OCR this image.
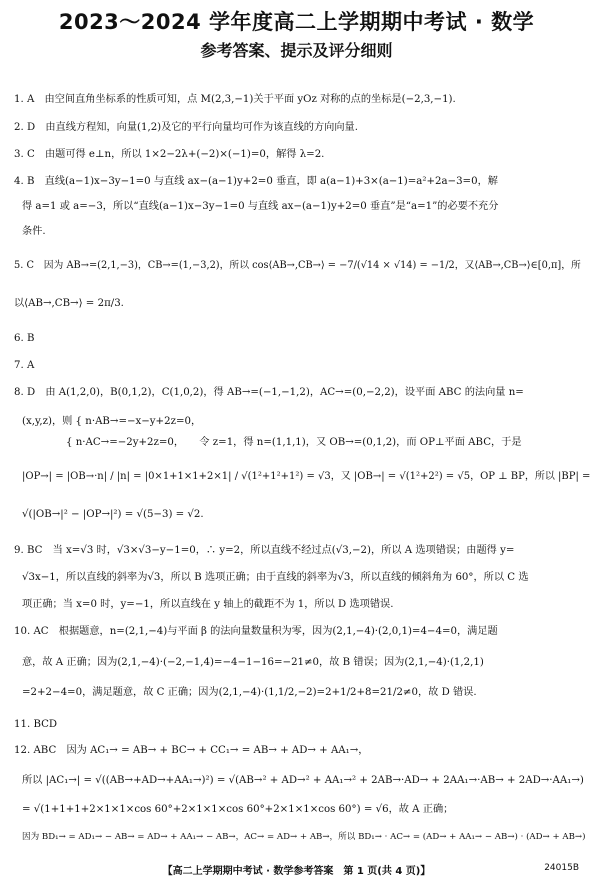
2023～2024 学年度高二上学期期中考试 · 数学
参考答案、提示及评分细则
1. A　由空间直角坐标系的性质可知，点 M(2,3,−1)关于平面 yOz 对称的点的坐标是(−2,3,−1).
2. D　由直线方程知，向量(1,2)及它的平行向量均可作为该直线的方向向量.
3. C　由题可得 e⊥n，所以 1×2−2λ+(−2)×(−1)=0，解得 λ=2.
4. B　直线(a−1)x−3y−1=0 与直线 ax−(a−1)y+2=0 垂直，即 a(a−1)+3×(a−1)=a²+2a−3=0，解
得 a=1 或 a=−3，所以“直线(a−1)x−3y−1=0 与直线 ax−(a−1)y+2=0 垂直”是“a=1”的必要不充分
条件.
5. C　因为 AB→=(2,1,−3)，CB→=(1,−3,2)，所以 cos⟨AB→,CB→⟩ = −7/(√14 × √14) = −1/2，又⟨AB→,CB→⟩∈[0,π]，所
以⟨AB→,CB→⟩ = 2π/3.
6. B
7. A
8. D　由 A(1,2,0)，B(0,1,2)，C(1,0,2)，得 AB→=(−1,−1,2)，AC→=(0,−2,2)，设平面 ABC 的法向量 n=
(x,y,z)，则 { n·AB→=−x−y+2z=0，
　　　　 { n·AC→=−2y+2z=0，　　令 z=1，得 n=(1,1,1)，又 OB→=(0,1,2)，而 OP⊥平面 ABC，于是
|OP→| = |OB→·n| / |n| = |0×1+1×1+2×1| / √(1²+1²+1²) = √3，又 |OB→| = √(1²+2²) = √5，OP ⊥ BP，所以 |BP| =
√(|OB→|² − |OP→|²) = √(5−3) = √2.
9. BC　当 x=√3 时，√3×√3−y−1=0，∴ y=2，所以直线不经过点(√3,−2)，所以 A 选项错误；由题得 y=
√3x−1，所以直线的斜率为√3，所以 B 选项正确；由于直线的斜率为√3，所以直线的倾斜角为 60°，所以 C 选
项正确；当 x=0 时，y=−1，所以直线在 y 轴上的截距不为 1，所以 D 选项错误.
10. AC　根据题意，n=(2,1,−4)与平面 β 的法向量数量积为零，因为(2,1,−4)·(2,0,1)=4−4=0，满足题
意，故 A 正确；因为(2,1,−4)·(−2,−1,4)=−4−1−16=−21≠0，故 B 错误；因为(2,1,−4)·(1,2,1)
=2+2−4=0，满足题意，故 C 正确；因为(2,1,−4)·(1,1/2,−2)=2+1/2+8=21/2≠0，故 D 错误.
11. BCD
12. ABC　因为 AC₁→ = AB→ + BC→ + CC₁→ = AB→ + AD→ + AA₁→，
所以 |AC₁→| = √((AB→+AD→+AA₁→)²) = √(AB→² + AD→² + AA₁→² + 2AB→·AD→ + 2AA₁→·AB→ + 2AD→·AA₁→)
= √(1+1+1+2×1×1×cos 60°+2×1×1×cos 60°+2×1×1×cos 60°) = √6，故 A 正确；
因为 BD₁→ = AD₁→ − AB→ = AD→ + AA₁→ − AB→，AC→ = AD→ + AB→，所以 BD₁→ · AC→ = (AD→ + AA₁→ − AB→) · (AD→ + AB→)
【高二上学期期中考试 · 数学参考答案　第 1 页(共 4 页)】	24015B
